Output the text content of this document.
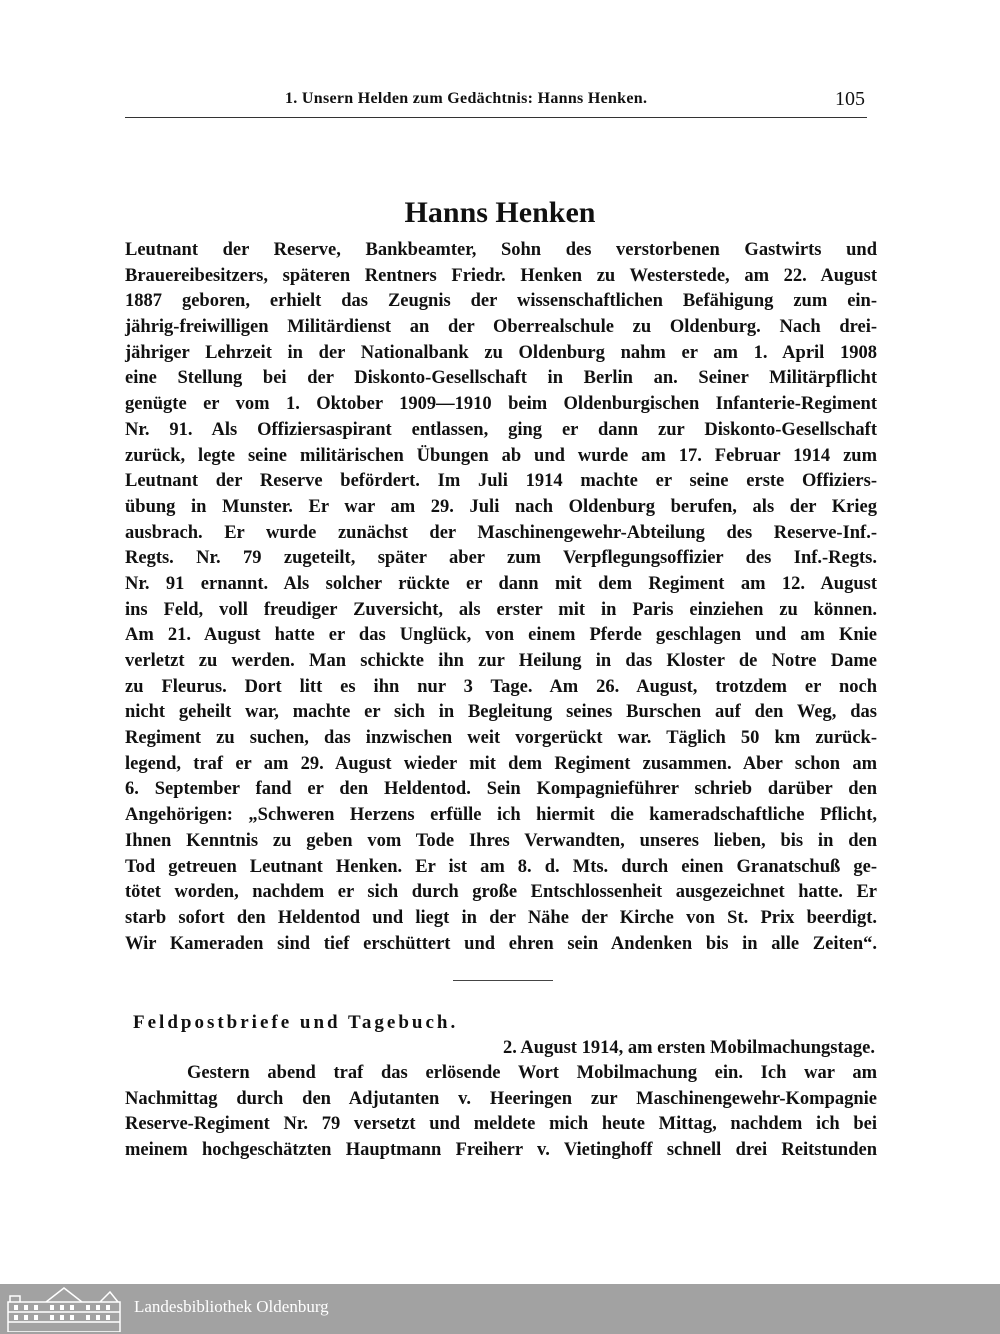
1. Unsern Helden zum Gedächtnis: Hanns Henken.	105
Hanns Henken
Leutnant der Reserve, Bankbeamter, Sohn des verstorbenen Gastwirts und
Brauereibesitzers, späteren Rentners Friedr. Henken zu Westerstede, am 22. August
1887 geboren, erhielt das Zeugnis der wissenschaftlichen Befähigung zum ein-
jährig-freiwilligen Militärdienst an der Oberrealschule zu Oldenburg. Nach drei-
jähriger Lehrzeit in der Nationalbank zu Oldenburg nahm er am 1. April 1908
eine Stellung bei der Diskonto-Gesellschaft in Berlin an. Seiner Militärpflicht
genügte er vom 1. Oktober 1909—1910 beim Oldenburgischen Infanterie-Regiment
Nr. 91. Als Offiziersaspirant entlassen, ging er dann zur Diskonto-Gesellschaft
zurück, legte seine militärischen Übungen ab und wurde am 17. Februar 1914 zum
Leutnant der Reserve befördert. Im Juli 1914 machte er seine erste Offiziers-
übung in Munster. Er war am 29. Juli nach Oldenburg berufen, als der Krieg
ausbrach. Er wurde zunächst der Maschinengewehr-Abteilung des Reserve-Inf.-
Regts. Nr. 79 zugeteilt, später aber zum Verpflegungsoffizier des Inf.-Regts.
Nr. 91 ernannt. Als solcher rückte er dann mit dem Regiment am 12. August
ins Feld, voll freudiger Zuversicht, als erster mit in Paris einziehen zu können.
Am 21. August hatte er das Unglück, von einem Pferde geschlagen und am Knie
verletzt zu werden. Man schickte ihn zur Heilung in das Kloster de Notre Dame
zu Fleurus. Dort litt es ihn nur 3 Tage. Am 26. August, trotzdem er noch
nicht geheilt war, machte er sich in Begleitung seines Burschen auf den Weg, das
Regiment zu suchen, das inzwischen weit vorgerückt war. Täglich 50 km zurück-
legend, traf er am 29. August wieder mit dem Regiment zusammen. Aber schon am
6. September fand er den Heldentod. Sein Kompagnieführer schrieb darüber den
Angehörigen: „Schweren Herzens erfülle ich hiermit die kameradschaftliche Pflicht,
Ihnen Kenntnis zu geben vom Tode Ihres Verwandten, unseres lieben, bis in den
Tod getreuen Leutnant Henken. Er ist am 8. d. Mts. durch einen Granatschuß ge-
tötet worden, nachdem er sich durch große Entschlossenheit ausgezeichnet hatte. Er
starb sofort den Heldentod und liegt in der Nähe der Kirche von St. Prix beerdigt.
Wir Kameraden sind tief erschüttert und ehren sein Andenken bis in alle Zeiten“.
Feldpostbriefe und Tagebuch.
2. August 1914, am ersten Mobilmachungstage.
Gestern abend traf das erlösende Wort Mobilmachung ein. Ich war am
Nachmittag durch den Adjutanten v. Heeringen zur Maschinengewehr-Kompagnie
Reserve-Regiment Nr. 79 versetzt und meldete mich heute Mittag, nachdem ich bei
meinem hochgeschätzten Hauptmann Freiherr v. Vietinghoff schnell drei Reitstunden
Landesbibliothek Oldenburg
